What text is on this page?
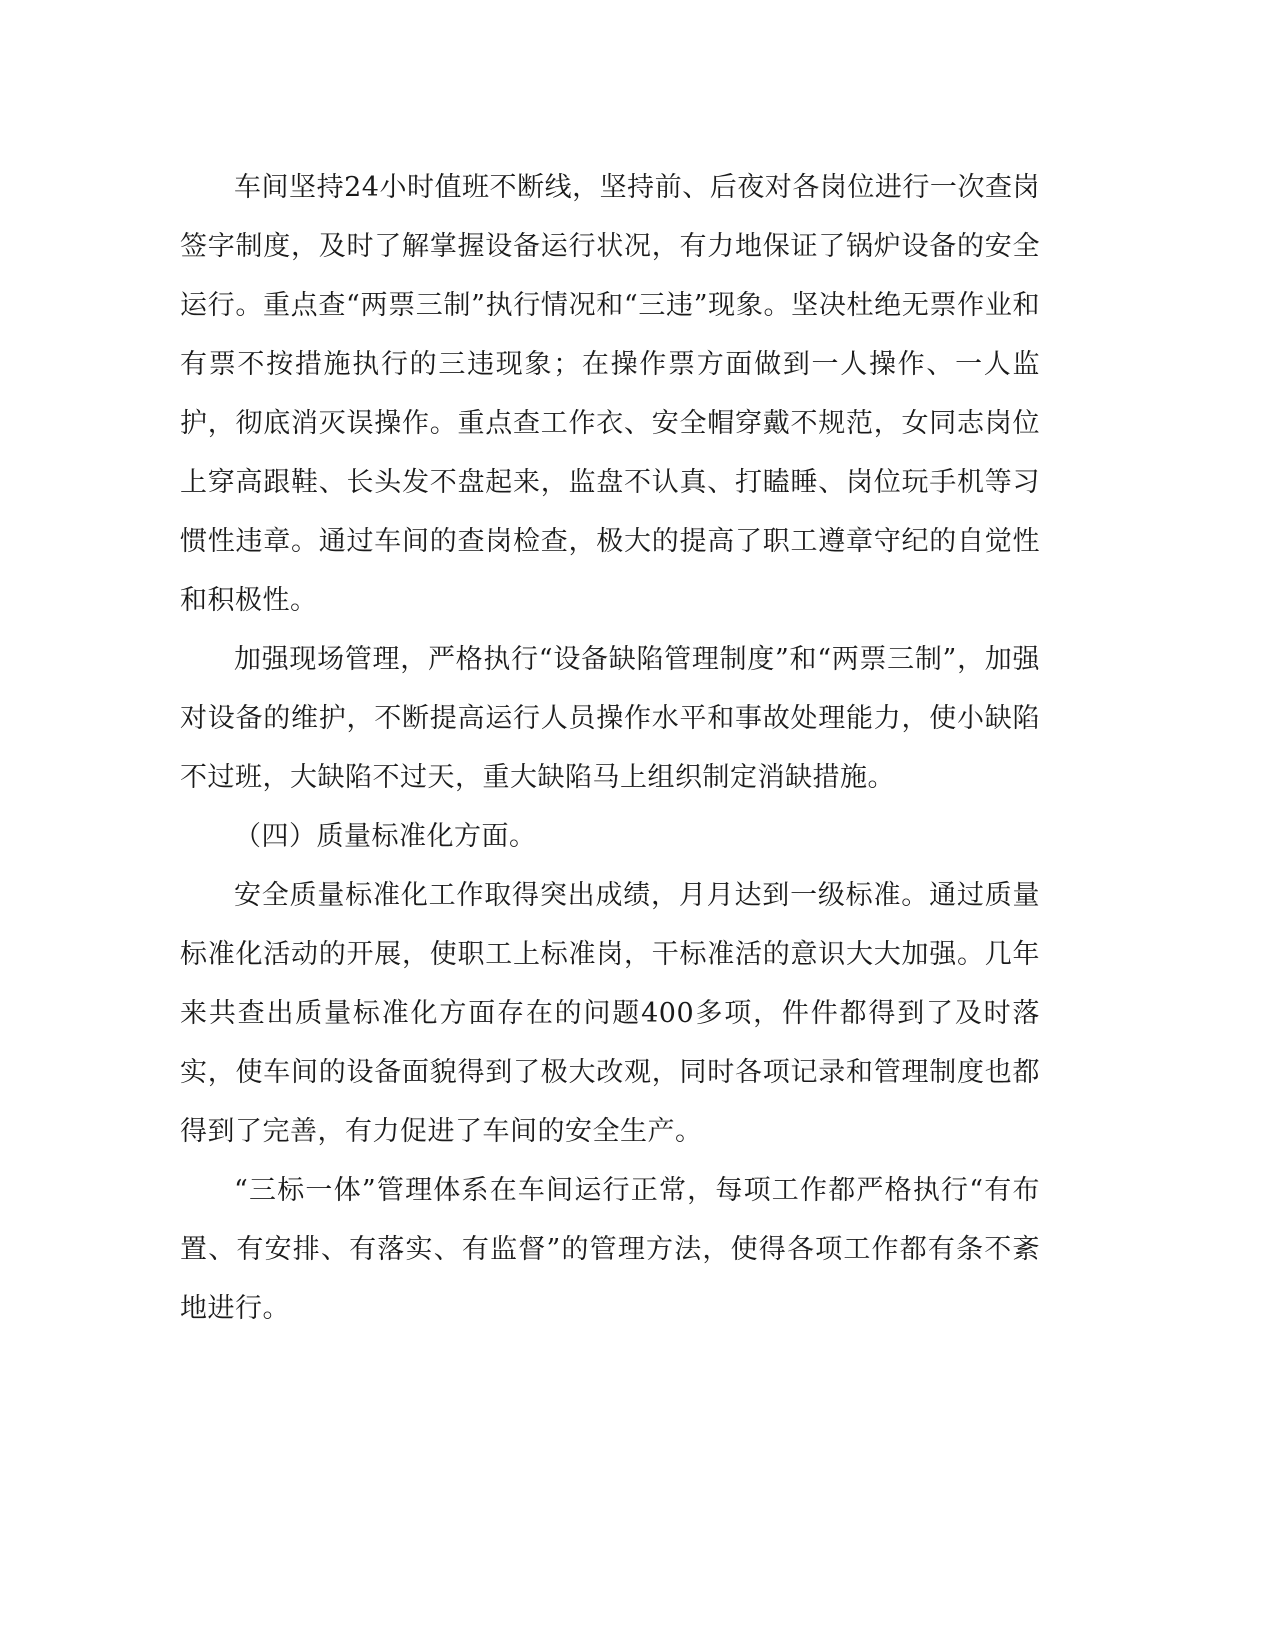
车间坚持24小时值班不断线，坚持前、后夜对各岗位进行一次查岗签字制度，及时了解掌握设备运行状况，有力地保证了锅炉设备的安全运行。重点查“两票三制”执行情况和“三违”现象。坚决杜绝无票作业和有票不按措施执行的三违现象；在操作票方面做到一人操作、一人监护，彻底消灭误操作。重点查工作衣、安全帽穿戴不规范，女同志岗位上穿高跟鞋、长头发不盘起来，监盘不认真、打瞌睡、岗位玩手机等习惯性违章。通过车间的查岗检查，极大的提高了职工遵章守纪的自觉性和积极性。

加强现场管理，严格执行“设备缺陷管理制度”和“两票三制”，加强对设备的维护，不断提高运行人员操作水平和事故处理能力，使小缺陷不过班，大缺陷不过天，重大缺陷马上组织制定消缺措施。

（四）质量标准化方面。

安全质量标准化工作取得突出成绩，月月达到一级标准。通过质量标准化活动的开展，使职工上标准岗，干标准活的意识大大加强。几年来共查出质量标准化方面存在的问题400多项，件件都得到了及时落实，使车间的设备面貌得到了极大改观，同时各项记录和管理制度也都得到了完善，有力促进了车间的安全生产。

“三标一体”管理体系在车间运行正常，每项工作都严格执行“有布置、有安排、有落实、有监督”的管理方法，使得各项工作都有条不紊地进行。
